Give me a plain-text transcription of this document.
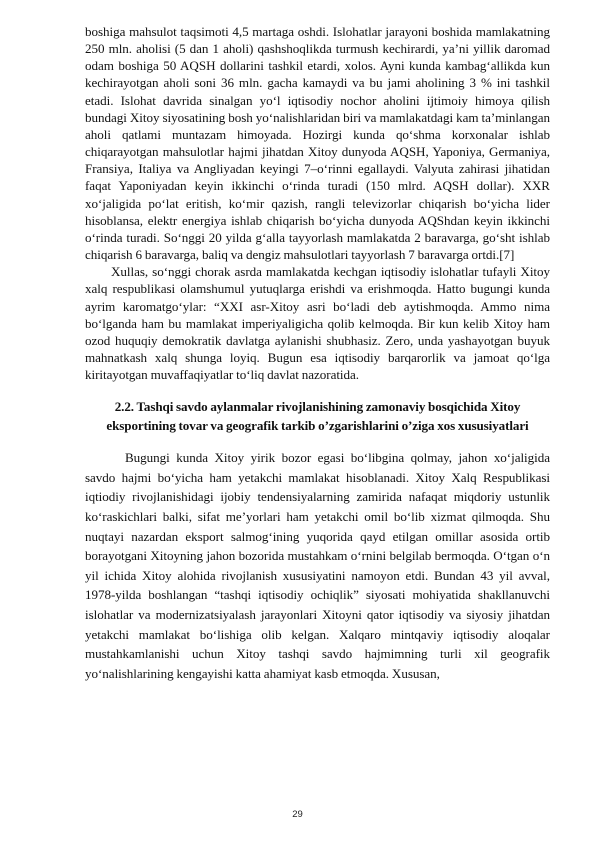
boshiga mahsulot taqsimoti 4,5 martaga oshdi. Islohatlar jarayoni boshida mamlakatning 250 mln. aholisi (5 dan 1 aholi) qashshoqlikda turmush kechirardi, ya’ni yillik daromad odam boshiga 50 AQSH dollarini tashkil etardi, xolos. Ayni kunda kambag‘allikda kun kechirayotgan aholi soni 36 mln. gacha kamaydi va bu jami aholining 3 % ini tashkil etadi. Islohat davrida sinalgan yo‘l iqtisodiy nochor aholini ijtimoiy himoya qilish bundagi Xitoy siyosatining bosh yo‘nalishlaridan biri va mamlakatdagi kam ta’minlangan aholi qatlami muntazam himoyada. Hozirgi kunda qo‘shma korxonalar ishlab chiqarayotgan mahsulotlar hajmi jihatdan Xitoy dunyoda AQSH, Yaponiya, Germaniya, Fransiya, Italiya va Angliyadan keyingi 7–o‘rinni egallaydi. Valyuta zahirasi jihatidan faqat Yaponiyadan keyin ikkinchi o‘rinda turadi (150 mlrd. AQSH dollar). XXR xo‘jaligida po‘lat eritish, ko‘mir qazish, rangli televizorlar chiqarish bo‘yicha lider hisoblansa, elektr energiya ishlab chiqarish bo‘yicha dunyoda AQShdan keyin ikkinchi o‘rinda turadi. So‘nggi 20 yilda g‘alla tayyorlash mamlakatda 2 baravarga, go‘sht ishlab chiqarish 6 baravarga, baliq va dengiz mahsulotlari tayyorlash 7 baravarga ortdi.[7]

Xullas, so‘nggi chorak asrda mamlakatda kechgan iqtisodiy islohatlar tufayli Xitoy xalq respublikasi olamshumul yutuqlarga erishdi va erishmoqda. Hatto bugungi kunda ayrim karomatgo‘ylar: “XXI asr-Xitoy asri bo‘ladi deb aytishmoqda. Ammo nima bo‘lganda ham bu mamlakat imperiyaligicha qolib kelmoqda. Bir kun kelib Xitoy ham ozod huquqiy demokratik davlatga aylanishi shubhasiz. Zero, unda yashayotgan buyuk mahnatkash xalq shunga loyiq. Bugun esa iqtisodiy barqarorlik va jamoat qo‘lga kiritayotgan muvaffaqiyatlar to‘liq davlat nazoratida.

2.2. Tashqi savdo aylanmalar rivojlanishining zamonaviy bosqichida Xitoy
eksportining tovar va geografik tarkib o’zgarishlarini o’ziga xos xususiyatlari

Bugungi kunda Xitoy yirik bozor egasi bo‘libgina qolmay, jahon xo‘jaligida savdo hajmi bo‘yicha ham yetakchi mamlakat hisoblanadi. Xitoy Xalq Respublikasi iqtiodiy rivojlanishidagi ijobiy tendensiyalarning zamirida nafaqat miqdoriy ustunlik ko‘raskichlari balki, sifat me’yorlari ham yetakchi omil bo‘lib xizmat qilmoqda. Shu nuqtayi nazardan eksport salmog‘ining yuqorida qayd etilgan omillar asosida ortib borayotgani Xitoyning jahon bozorida mustahkam o‘rnini belgilab bermoqda. O‘tgan o‘n yil ichida Xitoy alohida rivojlanish xususiyatini namoyon etdi. Bundan 43 yil avval, 1978-yilda boshlangan “tashqi iqtisodiy ochiqlik” siyosati mohiyatida shakllanuvchi islohatlar va modernizatsiyalash jarayonlari Xitoyni qator iqtisodiy va siyosiy jihatdan yetakchi mamlakat bo‘lishiga olib kelgan. Xalqaro mintqaviy iqtisodiy aloqalar mustahkamlanishi uchun Xitoy tashqi savdo hajmimning turli xil geografik yo‘nalishlarining kengayishi katta ahamiyat kasb etmoqda. Xususan,

29
